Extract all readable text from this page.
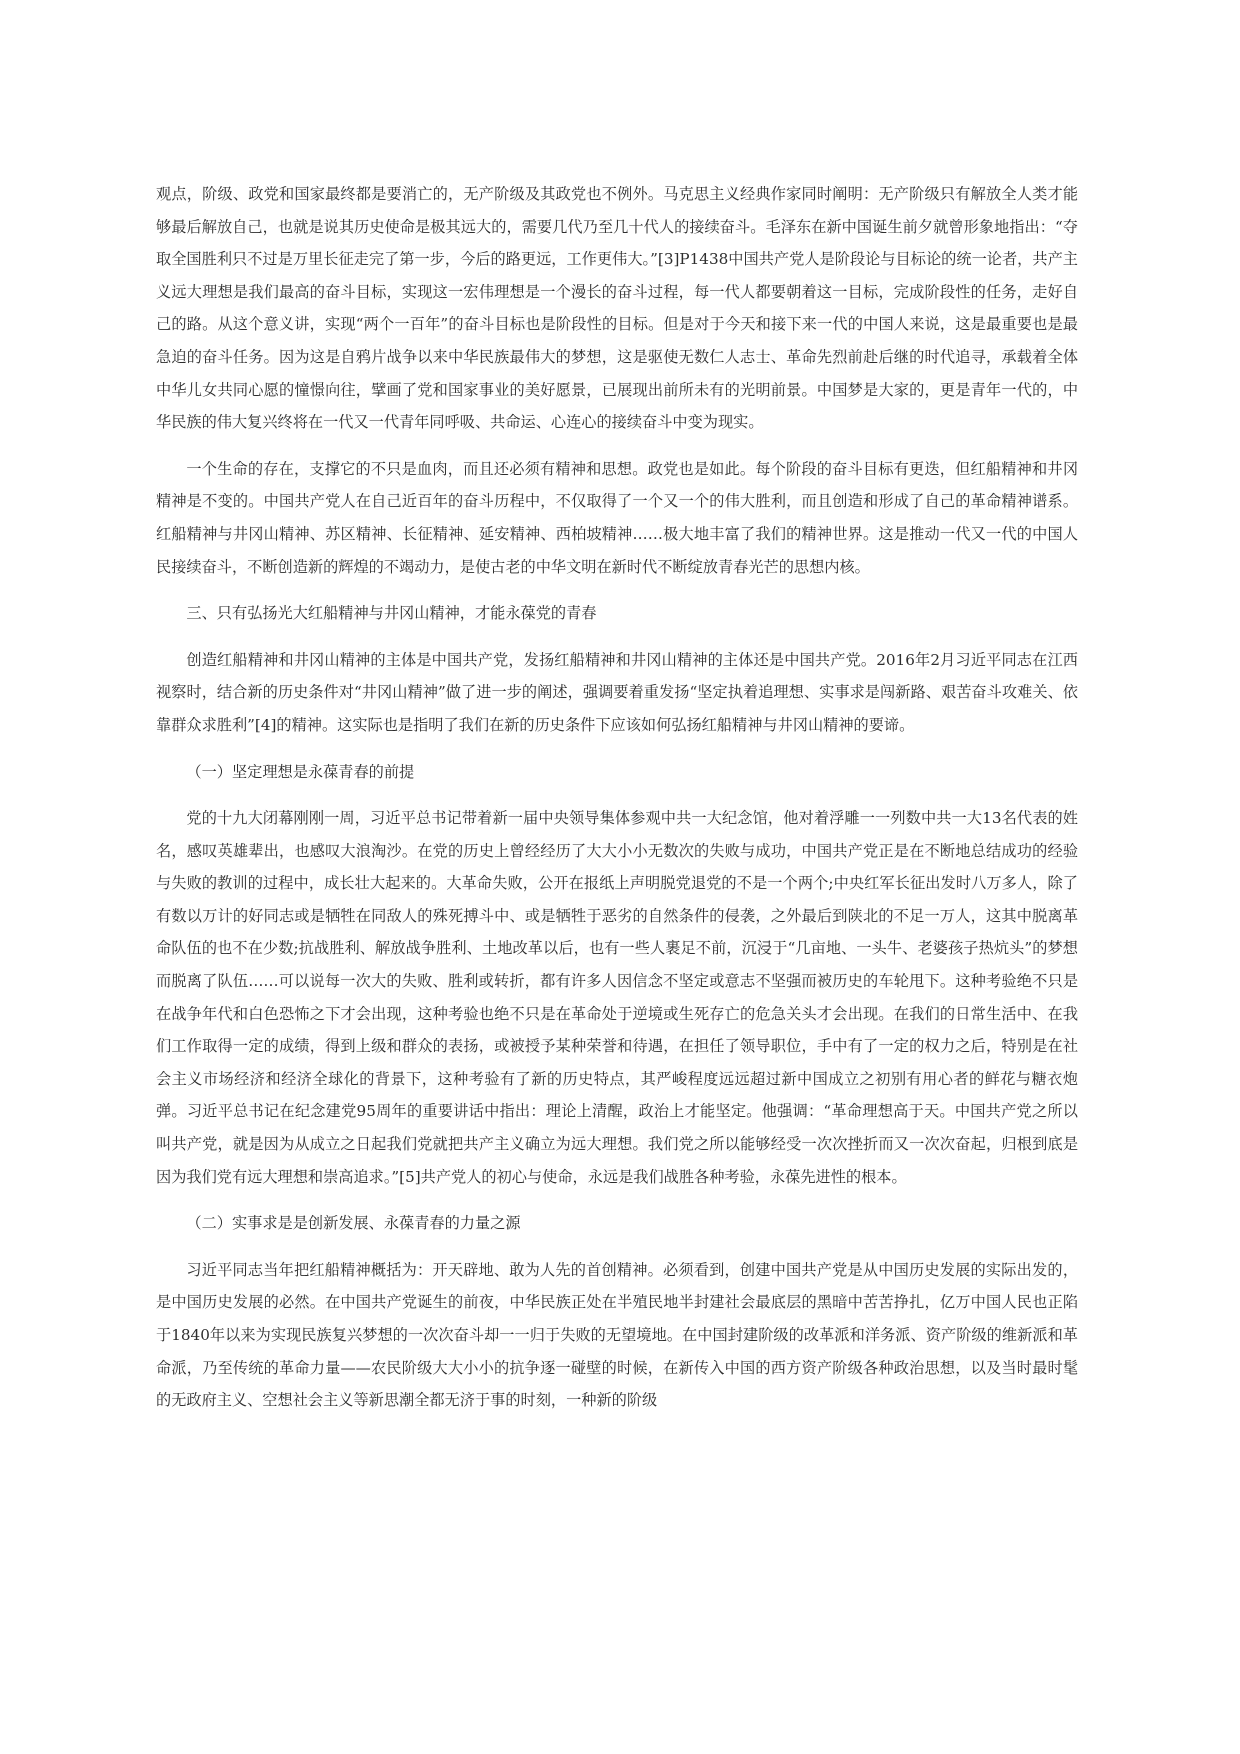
观点，阶级、政党和国家最终都是要消亡的，无产阶级及其政党也不例外。马克思主义经典作家同时阐明：无产阶级只有解放全人类才能够最后解放自己，也就是说其历史使命是极其远大的，需要几代乃至几十代人的接续奋斗。毛泽东在新中国诞生前夕就曾形象地指出：“夺取全国胜利只不过是万里长征走完了第一步，今后的路更远，工作更伟大。”[3]P1438中国共产党人是阶段论与目标论的统一论者，共产主义远大理想是我们最高的奋斗目标，实现这一宏伟理想是一个漫长的奋斗过程，每一代人都要朝着这一目标，完成阶段性的任务，走好自己的路。从这个意义讲，实现“两个一百年”的奋斗目标也是阶段性的目标。但是对于今天和接下来一代的中国人来说，这是最重要也是最急迫的奋斗任务。因为这是自鸦片战争以来中华民族最伟大的梦想，这是驱使无数仁人志士、革命先烈前赴后继的时代追寻，承载着全体中华儿女共同心愿的憧憬向往，擘画了党和国家事业的美好愿景，已展现出前所未有的光明前景。中国梦是大家的，更是青年一代的，中华民族的伟大复兴终将在一代又一代青年同呼吸、共命运、心连心的接续奋斗中变为现实。

一个生命的存在，支撑它的不只是血肉，而且还必须有精神和思想。政党也是如此。每个阶段的奋斗目标有更迭，但红船精神和井冈精神是不变的。中国共产党人在自己近百年的奋斗历程中，不仅取得了一个又一个的伟大胜利，而且创造和形成了自己的革命精神谱系。红船精神与井冈山精神、苏区精神、长征精神、延安精神、西柏坡精神……极大地丰富了我们的精神世界。这是推动一代又一代的中国人民接续奋斗，不断创造新的辉煌的不竭动力，是使古老的中华文明在新时代不断绽放青春光芒的思想内核。

三、只有弘扬光大红船精神与井冈山精神，才能永葆党的青春

创造红船精神和井冈山精神的主体是中国共产党，发扬红船精神和井冈山精神的主体还是中国共产党。2016年2月习近平同志在江西视察时，结合新的历史条件对“井冈山精神”做了进一步的阐述，强调要着重发扬“坚定执着追理想、实事求是闯新路、艰苦奋斗攻难关、依靠群众求胜利”[4]的精神。这实际也是指明了我们在新的历史条件下应该如何弘扬红船精神与井冈山精神的要谛。

（一）坚定理想是永葆青春的前提

党的十九大闭幕刚刚一周，习近平总书记带着新一届中央领导集体参观中共一大纪念馆，他对着浮雕一一列数中共一大13名代表的姓名，感叹英雄辈出，也感叹大浪淘沙。在党的历史上曾经经历了大大小小无数次的失败与成功，中国共产党正是在不断地总结成功的经验与失败的教训的过程中，成长壮大起来的。大革命失败，公开在报纸上声明脱党退党的不是一个两个;中央红军长征出发时八万多人，除了有数以万计的好同志或是牺牲在同敌人的殊死搏斗中、或是牺牲于恶劣的自然条件的侵袭，之外最后到陕北的不足一万人，这其中脱离革命队伍的也不在少数;抗战胜利、解放战争胜利、土地改革以后，也有一些人裹足不前，沉浸于“几亩地、一头牛、老婆孩子热炕头”的梦想而脱离了队伍……可以说每一次大的失败、胜利或转折，都有许多人因信念不坚定或意志不坚强而被历史的车轮甩下。这种考验绝不只是在战争年代和白色恐怖之下才会出现，这种考验也绝不只是在革命处于逆境或生死存亡的危急关头才会出现。在我们的日常生活中、在我们工作取得一定的成绩，得到上级和群众的表扬，或被授予某种荣誉和待遇，在担任了领导职位，手中有了一定的权力之后，特别是在社会主义市场经济和经济全球化的背景下，这种考验有了新的历史特点，其严峻程度远远超过新中国成立之初别有用心者的鲜花与糖衣炮弹。习近平总书记在纪念建党95周年的重要讲话中指出：理论上清醒，政治上才能坚定。他强调：“革命理想高于天。中国共产党之所以叫共产党，就是因为从成立之日起我们党就把共产主义确立为远大理想。我们党之所以能够经受一次次挫折而又一次次奋起，归根到底是因为我们党有远大理想和崇高追求。”[5]共产党人的初心与使命，永远是我们战胜各种考验，永葆先进性的根本。

（二）实事求是是创新发展、永葆青春的力量之源

习近平同志当年把红船精神概括为：开天辟地、敢为人先的首创精神。必须看到，创建中国共产党是从中国历史发展的实际出发的，是中国历史发展的必然。在中国共产党诞生的前夜，中华民族正处在半殖民地半封建社会最底层的黑暗中苦苦挣扎，亿万中国人民也正陷于1840年以来为实现民族复兴梦想的一次次奋斗却一一归于失败的无望境地。在中国封建阶级的改革派和洋务派、资产阶级的维新派和革命派，乃至传统的革命力量——农民阶级大大小小的抗争逐一碰壁的时候，在新传入中国的西方资产阶级各种政治思想，以及当时最时髦的无政府主义、空想社会主义等新思潮全都无济于事的时刻，一种新的阶级
